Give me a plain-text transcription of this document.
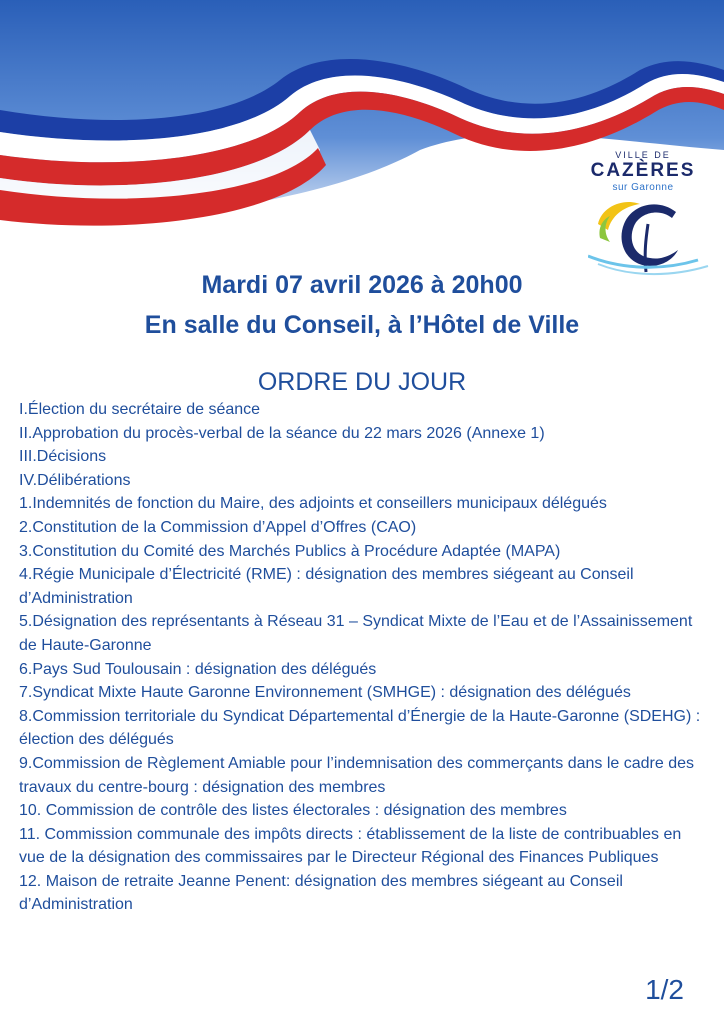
VILLE DE
CAZÈRES
sur Garonne
Mardi 07 avril 2026 à 20h00
En salle du Conseil, à l’Hôtel de Ville
ORDRE DU JOUR
I.Élection du secrétaire de séance
II.Approbation du procès-verbal de la séance du 22 mars 2026 (Annexe 1)
III.Décisions
IV.Délibérations
1.Indemnités de fonction du Maire, des adjoints et conseillers municipaux délégués
2.Constitution de la Commission d’Appel d’Offres (CAO)
3.Constitution du Comité des Marchés Publics à Procédure Adaptée (MAPA)
4.Régie Municipale d’Électricité (RME) : désignation des membres siégeant au Conseil d’Administration
5.Désignation des représentants à Réseau 31 – Syndicat Mixte de l’Eau et de l’Assainissement de Haute-Garonne
6.Pays Sud Toulousain : désignation des délégués
7.Syndicat Mixte Haute Garonne Environnement (SMHGE) : désignation des délégués
8.Commission territoriale du Syndicat Départemental d’Énergie de la Haute-Garonne (SDEHG) : élection des délégués
9.Commission de Règlement Amiable pour l’indemnisation des commerçants dans le cadre des travaux du centre-bourg : désignation des membres
10. Commission de contrôle des listes électorales : désignation des membres
11. Commission communale des impôts directs : établissement de la liste de contribuables en vue de la désignation des commissaires par le Directeur Régional des Finances Publiques
12. Maison de retraite Jeanne Penent: désignation des membres siégeant au Conseil d’Administration
1/2
